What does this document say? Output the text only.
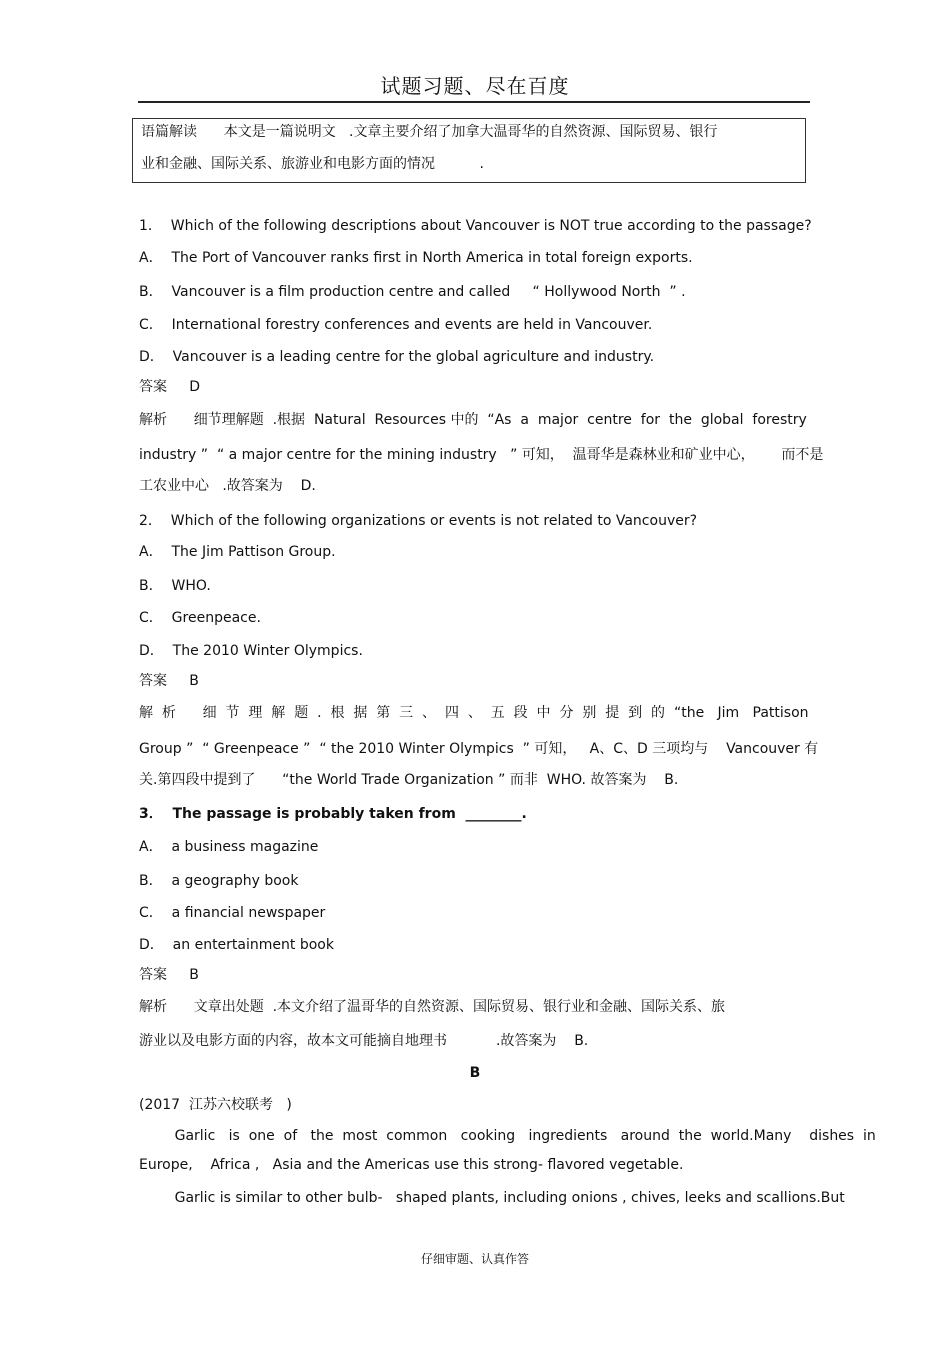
试题习题、尽在百度
语篇解读      本文是一篇说明文   .文章主要介绍了加拿大温哥华的自然资源、国际贸易、银行
业和金融、国际关系、旅游业和电影方面的情况          .
1．  Which of the following descriptions about Vancouver is NOT true according to the passage?
A．  The Port of Vancouver ranks first in North America in total foreign exports.
B．  Vancouver is a film production centre and called     “ Hollywood North  ” .
C．  International forestry conferences and events are held in Vancouver.
D．  Vancouver is a leading centre for the global agriculture and industry.
答案     D
解析      细节理解题  .根据  Natural  Resources 中的  “As  a  major  centre  for  the  global  forestry
industry ”  “ a major centre for the mining industry   ” 可知，  温哥华是森林业和矿业中心，      而不是
工农业中心   .故答案为    D.
2．  Which of the following organizations or events is not related to Vancouver?
A．  The Jim Pattison Group.
B．  WHO.
C．  Greenpeace.
D．  The 2010 Winter Olympics.
答案     B
解  析      细  节  理  解  题  .  根  据  第  三  、  四  、  五  段  中  分  别  提  到  的  “the   Jim   Pattison
Group ”  “ Greenpeace ”  “ the 2010 Winter Olympics  ” 可知，   A、C、D 三项均与    Vancouver 有
关.第四段中提到了      “the World Trade Organization ” 而非  WHO. 故答案为    B.
3．  The passage is probably taken from  ________.
A．  a business magazine
B．  a geography book
C．  a financial newspaper
D．  an entertainment book
答案     B
解析      文章出处题  .本文介绍了温哥华的自然资源、国际贸易、银行业和金融、国际关系、旅
游业以及电影方面的内容，故本文可能摘自地理书           .故答案为    B.
B
(2017  江苏六校联考   )
Garlic   is  one  of   the  most  common   cooking   ingredients   around  the  world.Many    dishes  in
Europe,    Africa ,   Asia and the Americas use this strong- flavored vegetable.
Garlic is similar to other bulb-   shaped plants, including onions , chives, leeks and scallions.But
仔细审题、认真作答
